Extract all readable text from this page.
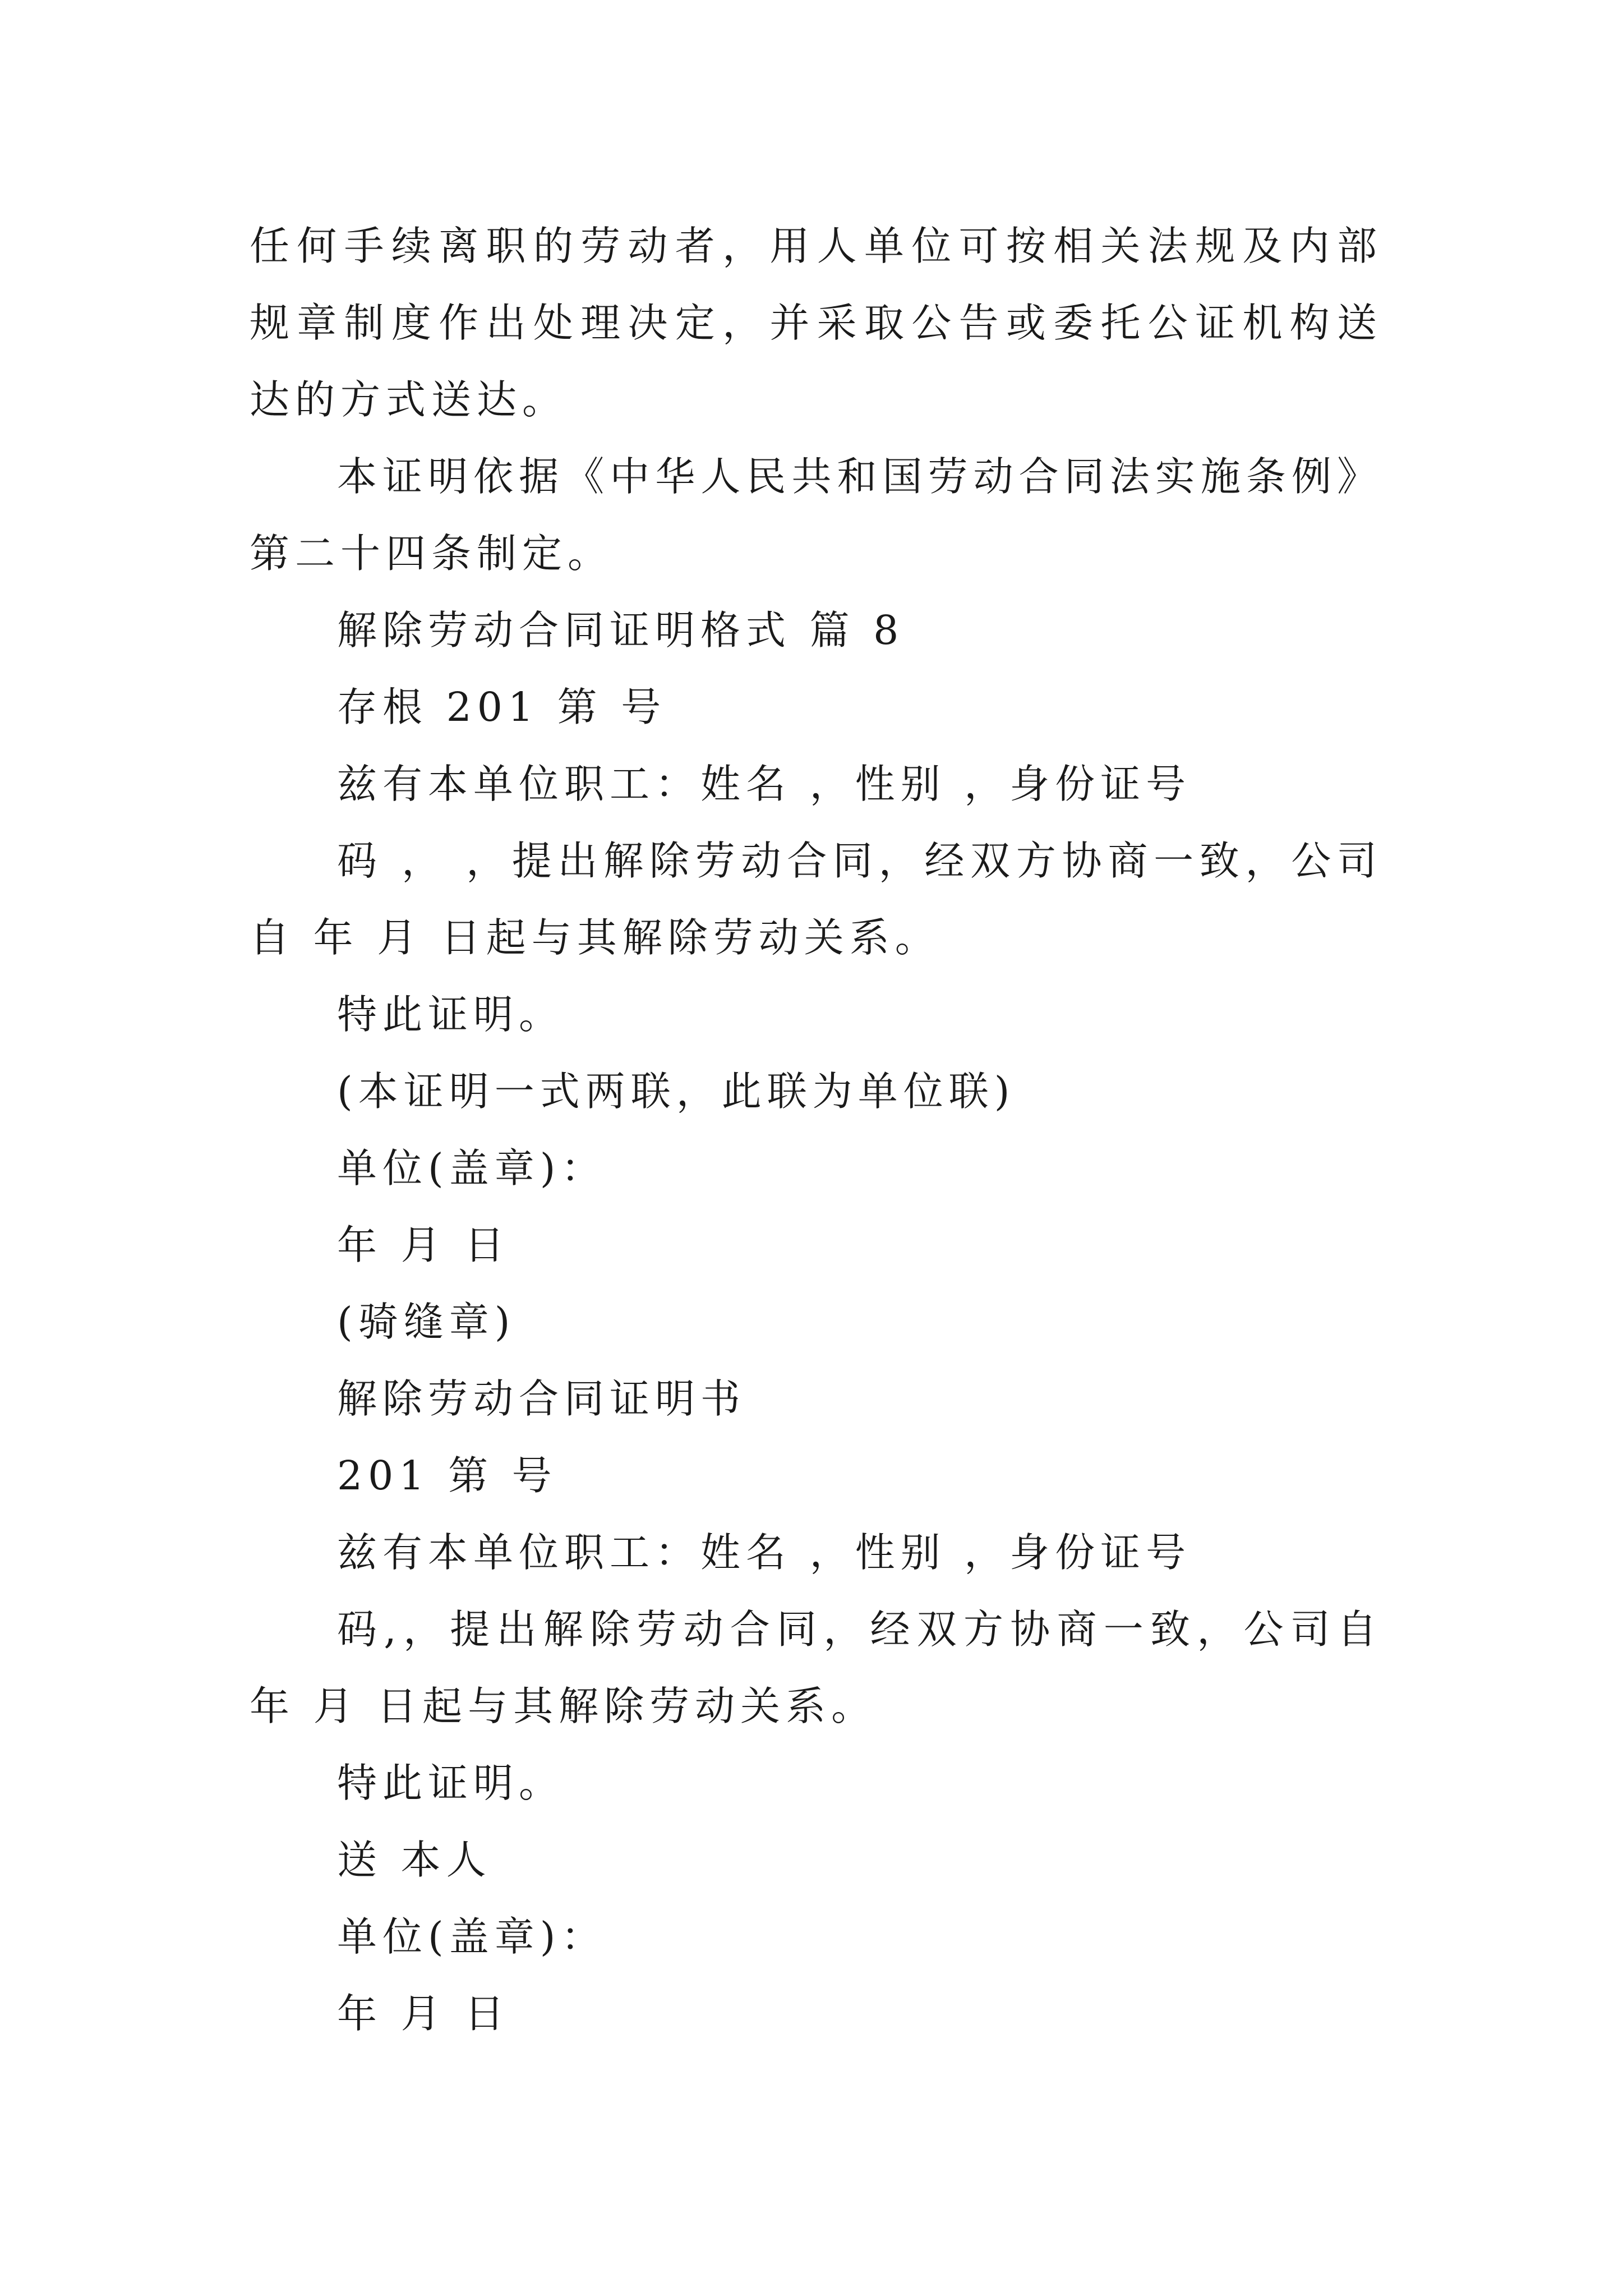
任何手续离职的劳动者，用人单位可按相关法规及内部规章制度作出处理决定，并采取公告或委托公证机构送达的方式送达。

本证明依据《中华人民共和国劳动合同法实施条例》第二十四条制定。

解除劳动合同证明格式 篇 8

存根 201 第 号

兹有本单位职工：姓名 ，性别 ，身份证号

码 ， ，提出解除劳动合同，经双方协商一致，公司自 年 月 日起与其解除劳动关系。

特此证明。

(本证明一式两联，此联为单位联)

单位(盖章)：

年 月 日

(骑缝章)

解除劳动合同证明书

201 第 号

兹有本单位职工：姓名 ，性别 ，身份证号

码,，提出解除劳动合同，经双方协商一致，公司自 年 月 日起与其解除劳动关系。

特此证明。

送 本人

单位(盖章)：

年 月 日
